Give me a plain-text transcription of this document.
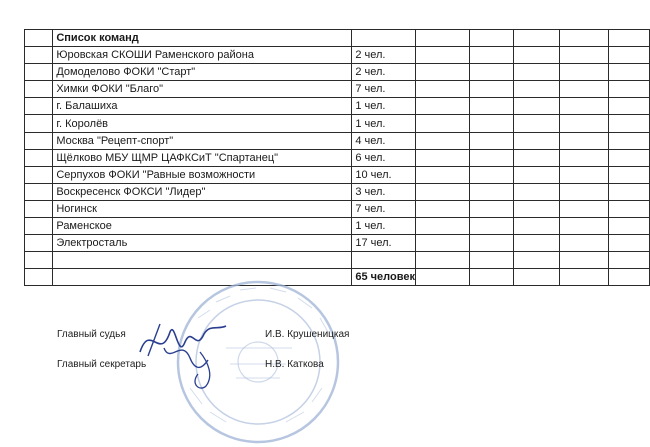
	Список команд						
	Юровская СКОШИ Раменского района	2 чел.					
	Домоделово ФОКИ "Старт"	2 чел.					
	Химки ФОКИ "Благо"	7 чел.					
	г. Балашиха	1 чел.					
	г. Королёв	1 чел.					
	Москва "Рецепт-спорт"	4 чел.					
	Щёлково МБУ ЩМР ЦАФКСиТ "Спартанец"	6 чел.					
	Серпухов ФОКИ "Равные возможности	10 чел.					
	Воскресенск ФОКСИ "Лидер"	3 чел.					
	Ногинск	7 чел.					
	Раменское	1 чел.					
	Электросталь	17 чел.					

		65 человек					
Главный судья	И.В. Крушеницкая
Главный секретарь	Н.В. Каткова
